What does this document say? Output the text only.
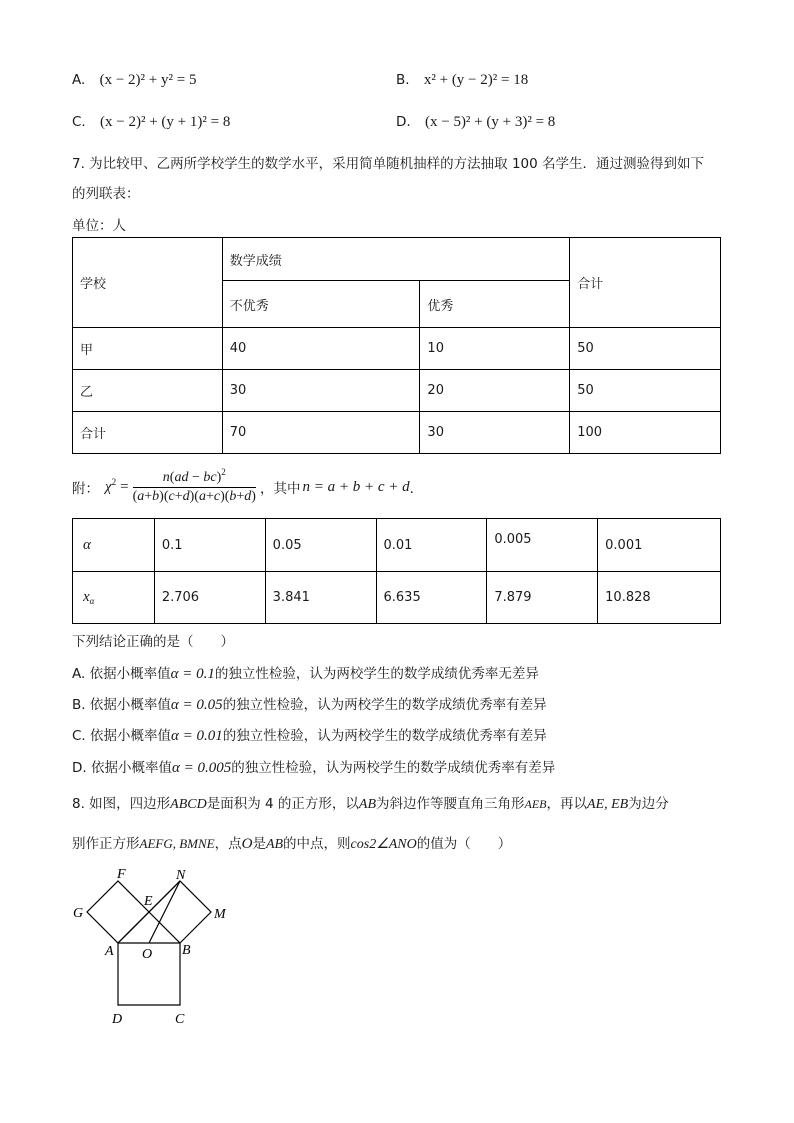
A. (x − 2)² + y² = 5	B. x² + (y − 2)² = 18
C. (x − 2)² + (y + 1)² = 8	D. (x − 5)² + (y + 3)² = 8
7. 为比较甲、乙两所学校学生的数学水平，采用简单随机抽样的方法抽取 100 名学生．通过测验得到如下
的列联表：
单位：人
学校	数学成绩		合计
	不优秀	优秀	
甲	40	10	50
乙	30	20	50
合计	70	30	100
附： $\chi^2 = \frac{n(ad - bc)^2}{(a+b)(c+d)(a+c)(b+d)}$ ，其中 n = a + b + c + d ．
α	0.1	0.05	0.01	0.005	0.001
$x_\alpha$	2.706	3.841	6.635	7.879	10.828
下列结论正确的是（　　）
A. 依据小概率值α = 0.1的独立性检验，认为两校学生的数学成绩优秀率无差异
B. 依据小概率值α = 0.05的独立性检验，认为两校学生的数学成绩优秀率有差异
C. 依据小概率值α = 0.01的独立性检验，认为两校学生的数学成绩优秀率有差异
D. 依据小概率值α = 0.005的独立性检验，认为两校学生的数学成绩优秀率有差异
8. 如图，四边形ABCD是面积为 4 的正方形，以AB为斜边作等腰直角三角形AEB，再以AE, EB为边分
别作正方形AEFG, BMNE，点O是AB的中点，则cos2∠ANO的值为（　　）
F	N
E
G	M
A O B
D	C
